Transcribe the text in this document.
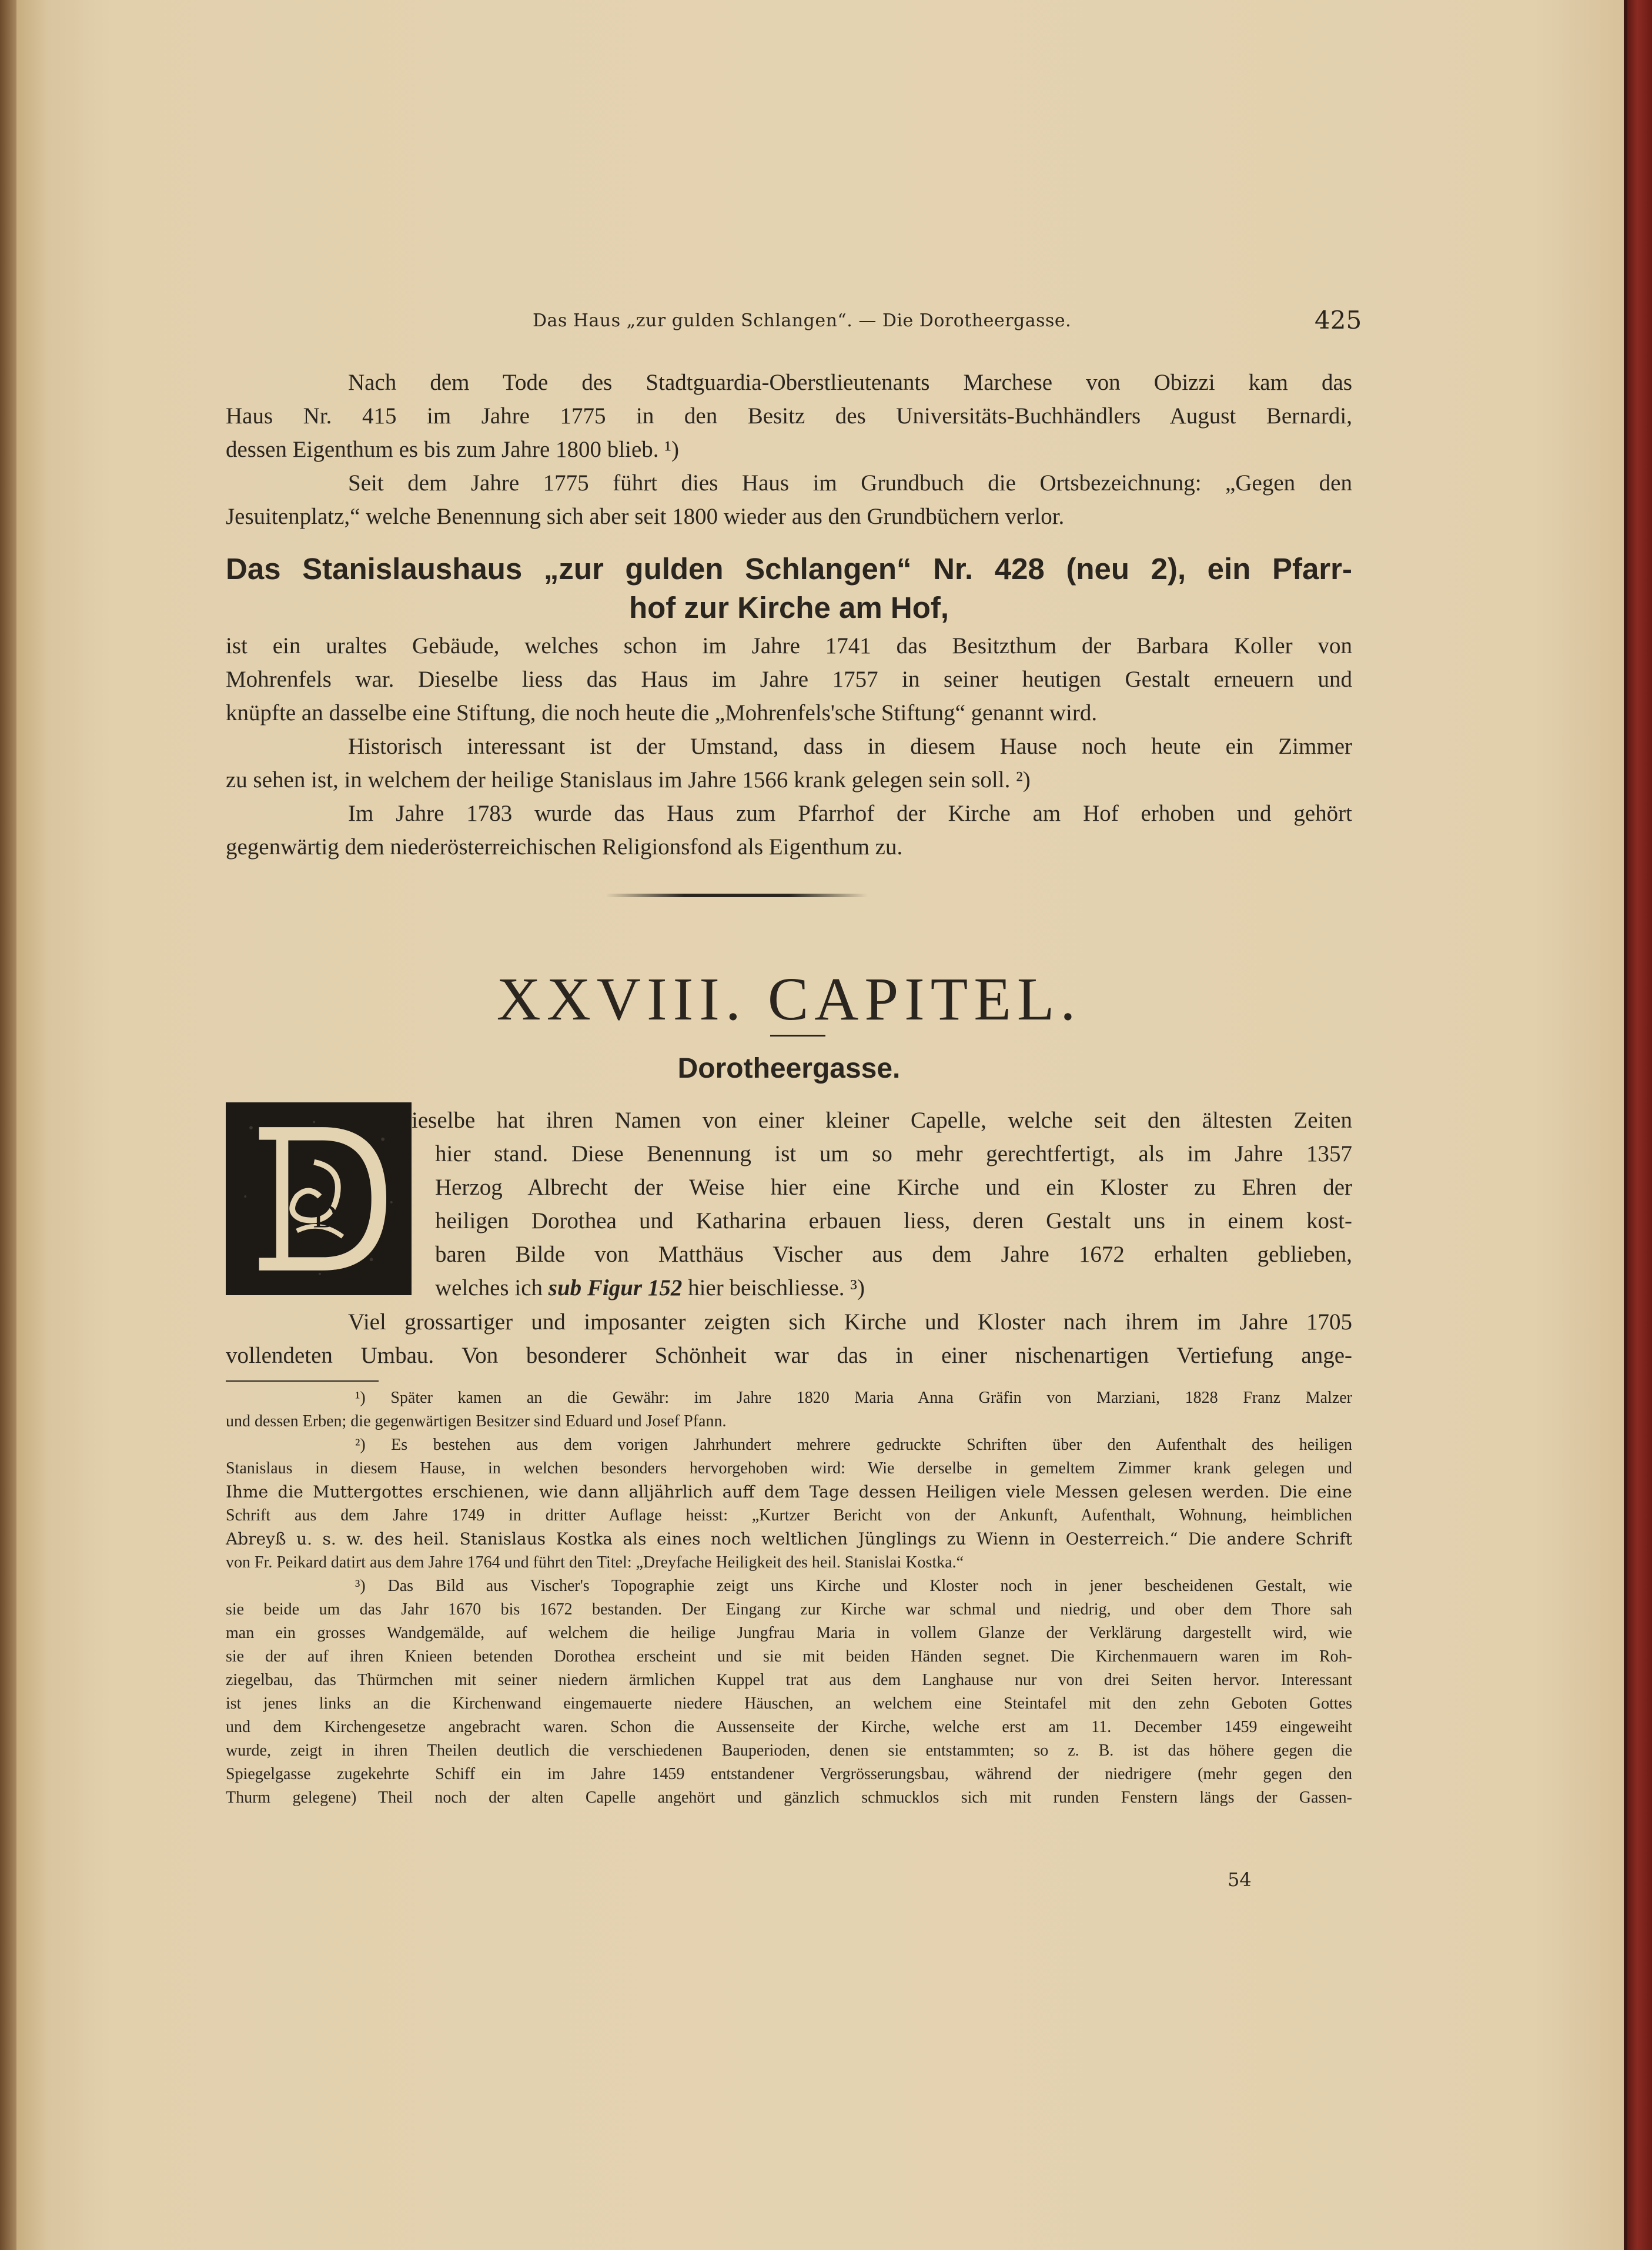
Das Haus „zur gulden Schlangen“. — Die Dorotheergasse.	425
Nach dem Tode des Stadtguardia-Oberstlieutenants Marchese von Obizzi kam das
Haus Nr. 415 im Jahre 1775 in den Besitz des Universitäts-Buchhändlers August Bernardi,
dessen Eigenthum es bis zum Jahre 1800 blieb. ¹)
Seit dem Jahre 1775 führt dies Haus im Grundbuch die Ortsbezeichnung: „Gegen den
Jesuitenplatz,“ welche Benennung sich aber seit 1800 wieder aus den Grundbüchern verlor.
Das Stanislaushaus „zur gulden Schlangen“ Nr. 428 (neu 2), ein Pfarr-
hof zur Kirche am Hof,
ist ein uraltes Gebäude, welches schon im Jahre 1741 das Besitzthum der Barbara Koller von
Mohrenfels war. Dieselbe liess das Haus im Jahre 1757 in seiner heutigen Gestalt erneuern und
knüpfte an dasselbe eine Stiftung, die noch heute die „Mohrenfels'sche Stiftung“ genannt wird.
Historisch interessant ist der Umstand, dass in diesem Hause noch heute ein Zimmer
zu sehen ist, in welchem der heilige Stanislaus im Jahre 1566 krank gelegen sein soll. ²)
Im Jahre 1783 wurde das Haus zum Pfarrhof der Kirche am Hof erhoben und gehört
gegenwärtig dem niederösterreichischen Religionsfond als Eigenthum zu.
XXVIII. CAPITEL.
Dorotheergasse.
D
ieselbe hat ihren Namen von einer kleiner Capelle, welche seit den ältesten Zeiten
hier stand. Diese Benennung ist um so mehr gerechtfertigt, als im Jahre 1357
Herzog Albrecht der Weise hier eine Kirche und ein Kloster zu Ehren der
heiligen Dorothea und Katharina erbauen liess, deren Gestalt uns in einem kost-
baren Bilde von Matthäus Vischer aus dem Jahre 1672 erhalten geblieben,
welches ich sub Figur 152 hier beischliesse. ³)
Viel grossartiger und imposanter zeigten sich Kirche und Kloster nach ihrem im Jahre 1705
vollendeten Umbau. Von besonderer Schönheit war das in einer nischenartigen Vertiefung ange-
¹) Später kamen an die Gewähr: im Jahre 1820 Maria Anna Gräfin von Marziani, 1828 Franz Malzer
und dessen Erben; die gegenwärtigen Besitzer sind Eduard und Josef Pfann.
²) Es bestehen aus dem vorigen Jahrhundert mehrere gedruckte Schriften über den Aufenthalt des heiligen
Stanislaus in diesem Hause, in welchen besonders hervorgehoben wird: Wie derselbe in gemeltem Zimmer krank gelegen und
Ihme die Muttergottes erschienen, wie dann alljährlich auff dem Tage dessen Heiligen viele Messen gelesen werden. Die eine
Schrift aus dem Jahre 1749 in dritter Auflage heisst: „Kurtzer Bericht von der Ankunft, Aufenthalt, Wohnung, heimblichen
Abreyß u. s. w. des heil. Stanislaus Kostka als eines noch weltlichen Jünglings zu Wienn in Oesterreich.“ Die andere Schrift
von Fr. Peikard datirt aus dem Jahre 1764 und führt den Titel: „Dreyfache Heiligkeit des heil. Stanislai Kostka.“
³) Das Bild aus Vischer's Topographie zeigt uns Kirche und Kloster noch in jener bescheidenen Gestalt, wie
sie beide um das Jahr 1670 bis 1672 bestanden. Der Eingang zur Kirche war schmal und niedrig, und ober dem Thore sah
man ein grosses Wandgemälde, auf welchem die heilige Jungfrau Maria in vollem Glanze der Verklärung dargestellt wird, wie
sie der auf ihren Knieen betenden Dorothea erscheint und sie mit beiden Händen segnet. Die Kirchenmauern waren im Roh-
ziegelbau, das Thürmchen mit seiner niedern ärmlichen Kuppel trat aus dem Langhause nur von drei Seiten hervor. Interessant
ist jenes links an die Kirchenwand eingemauerte niedere Häuschen, an welchem eine Steintafel mit den zehn Geboten Gottes
und dem Kirchengesetze angebracht waren. Schon die Aussenseite der Kirche, welche erst am 11. December 1459 eingeweiht
wurde, zeigt in ihren Theilen deutlich die verschiedenen Bauperioden, denen sie entstammten; so z. B. ist das höhere gegen die
Spiegelgasse zugekehrte Schiff ein im Jahre 1459 entstandener Vergrösserungsbau, während der niedrigere (mehr gegen den
Thurm gelegene) Theil noch der alten Capelle angehört und gänzlich schmucklos sich mit runden Fenstern längs der Gassen-
54
